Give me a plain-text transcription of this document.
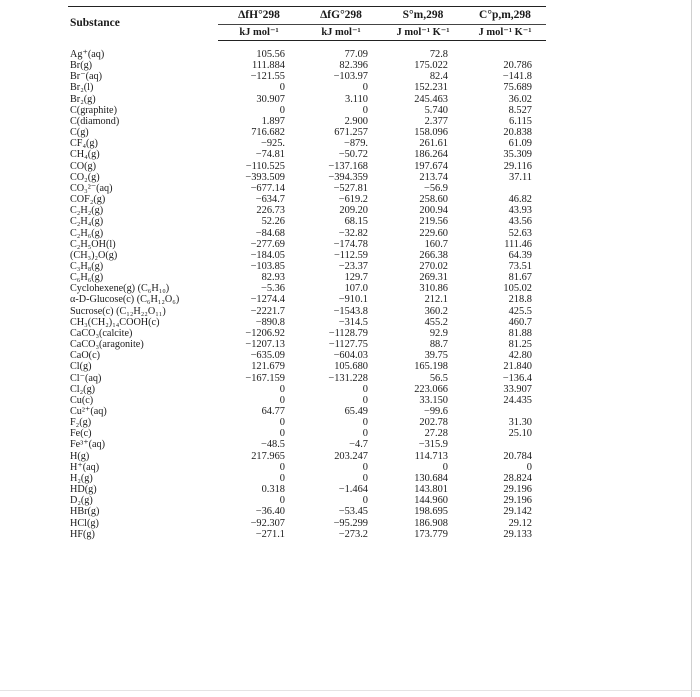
Substance	ΔfH°298	ΔfG°298	S°m,298	C°p,m,298
	kJ mol⁻¹	kJ mol⁻¹	J mol⁻¹ K⁻¹	J mol⁻¹ K⁻¹

Ag⁺(aq)	105.56	77.09	72.8	
Br(g)	111.884	82.396	175.022	20.786
Br⁻(aq)	−121.55	−103.97	82.4	−141.8
Br₂(l)	0	0	152.231	75.689
Br₂(g)	30.907	3.110	245.463	36.02
C(graphite)	0	0	5.740	8.527
C(diamond)	1.897	2.900	2.377	6.115
C(g)	716.682	671.257	158.096	20.838
CF₄(g)	−925.	−879.	261.61	61.09
CH₄(g)	−74.81	−50.72	186.264	35.309
CO(g)	−110.525	−137.168	197.674	29.116
CO₂(g)	−393.509	−394.359	213.74	37.11
CO₃²⁻(aq)	−677.14	−527.81	−56.9	
COF₂(g)	−634.7	−619.2	258.60	46.82
C₂H₂(g)	226.73	209.20	200.94	43.93
C₂H₄(g)	52.26	68.15	219.56	43.56
C₂H₆(g)	−84.68	−32.82	229.60	52.63
C₂H₅OH(l)	−277.69	−174.78	160.7	111.46
(CH₃)₂O(g)	−184.05	−112.59	266.38	64.39
C₃H₈(g)	−103.85	−23.37	270.02	73.51
C₆H₆(g)	82.93	129.7	269.31	81.67
Cyclohexene(g) (C₆H₁₀)	−5.36	107.0	310.86	105.02
α-D-Glucose(c) (C₆H₁₂O₆)	−1274.4	−910.1	212.1	218.8
Sucrose(c) (C₁₂H₂₂O₁₁)	−2221.7	−1543.8	360.2	425.5
CH₃(CH₂)₁₄COOH(c)	−890.8	−314.5	455.2	460.7
CaCO₃(calcite)	−1206.92	−1128.79	92.9	81.88
CaCO₃(aragonite)	−1207.13	−1127.75	88.7	81.25
CaO(c)	−635.09	−604.03	39.75	42.80
Cl(g)	121.679	105.680	165.198	21.840
Cl⁻(aq)	−167.159	−131.228	56.5	−136.4
Cl₂(g)	0	0	223.066	33.907
Cu(c)	0	0	33.150	24.435
Cu²⁺(aq)	64.77	65.49	−99.6	
F₂(g)	0	0	202.78	31.30
Fe(c)	0	0	27.28	25.10
Fe³⁺(aq)	−48.5	−4.7	−315.9	
H(g)	217.965	203.247	114.713	20.784
H⁺(aq)	0	0	0	0
H₂(g)	0	0	130.684	28.824
HD(g)	0.318	−1.464	143.801	29.196
D₂(g)	0	0	144.960	29.196
HBr(g)	−36.40	−53.45	198.695	29.142
HCl(g)	−92.307	−95.299	186.908	29.12
HF(g)	−271.1	−273.2	173.779	29.133
